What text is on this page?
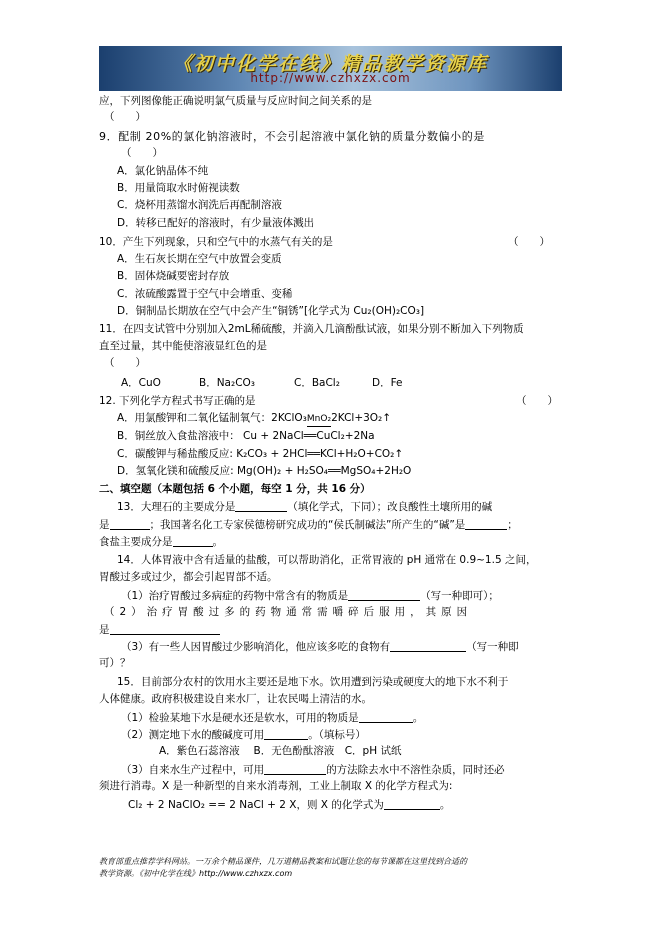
《初中化学在线》精品教学资源库
http://www.czhxzx.com
应，下列图像能正确说明氯气质量与反应时间之间关系的是
（　　）
9．配制 20%的氯化钠溶液时，不会引起溶液中氯化钠的质量分数偏小的是
（　　）
A．氯化钠晶体不纯
B．用量筒取水时俯视读数
C．烧杯用蒸馏水润洗后再配制溶液
D．转移已配好的溶液时，有少量液体溅出
10．产生下列现象，只和空气中的水蒸气有关的是	（　　）
A．生石灰长期在空气中放置会变质
B．固体烧碱要密封存放
C．浓硫酸露置于空气中会增重、变稀
D．铜制品长期放在空气中会产生“铜锈”[化学式为 Cu₂(OH)₂CO₃]
11．在四支试管中分别加入2mL稀硫酸，并滴入几滴酚酞试液，如果分别不断加入下列物质
直至过量，其中能使溶液显红色的是
（　　）
A．CuO	B．Na₂CO₃	C．BaCl₂	D．Fe
12. 下列化学方程式书写正确的是	（　　）
A．用氯酸钾和二氧化锰制氧气：2KClO₃MnO₂2KCl+3O₂↑
B．铜丝放入食盐溶液中： Cu + 2NaCl══CuCl₂+2Na
C．碳酸钾与稀盐酸反应: K₂CO₃ + 2HCl══KCl+H₂O+CO₂↑
D．氢氧化镁和硫酸反应: Mg(OH)₂ + H₂SO₄══MgSO₄+2H₂O
二、填空题（本题包括 6 个小题，每空 1 分，共 16 分）
13．大理石的主要成分是	（填化学式，下同）；改良酸性土壤所用的碱
是	；我国著名化工专家侯德榜研究成功的“侯氏制碱法”所产生的“碱”是	；
食盐主要成分是	。
14．人体胃液中含有适量的盐酸，可以帮助消化，正常胃液的 pH 通常在 0.9~1.5 之间，
胃酸过多或过少，都会引起胃部不适。
（1）治疗胃酸过多病症的药物中常含有的物质是	（写一种即可）；
（2）治疗胃酸过多的药物通常需嚼碎后服用，其原因
是
（3）有一些人因胃酸过少影响消化，他应该多吃的食物有	（写一种即
可）？
15．目前部分农村的饮用水主要还是地下水。饮用遭到污染或硬度大的地下水不利于
人体健康。政府积极建设自来水厂，让农民喝上清洁的水。
（1）检验某地下水是硬水还是软水，可用的物质是	。
（2）测定地下水的酸碱度可用	。（填标号）
A．紫色石蕊溶液　 B．无色酚酞溶液　C．pH 试纸
（3）自来水生产过程中，可用	的方法除去水中不溶性杂质，同时还必
须进行消毒。X 是一种新型的自来水消毒剂，工业上制取 X 的化学方程式为:
Cl₂ + 2 NaClO₂ == 2 NaCl + 2 X，则 X 的化学式为	。
教育部重点推荐学科网站。一万余个精品课件，几万道精品教案和试题让您的每节课都在这里找到合适的
教学资源。《初中化学在线》http://www.czhxzx.com
